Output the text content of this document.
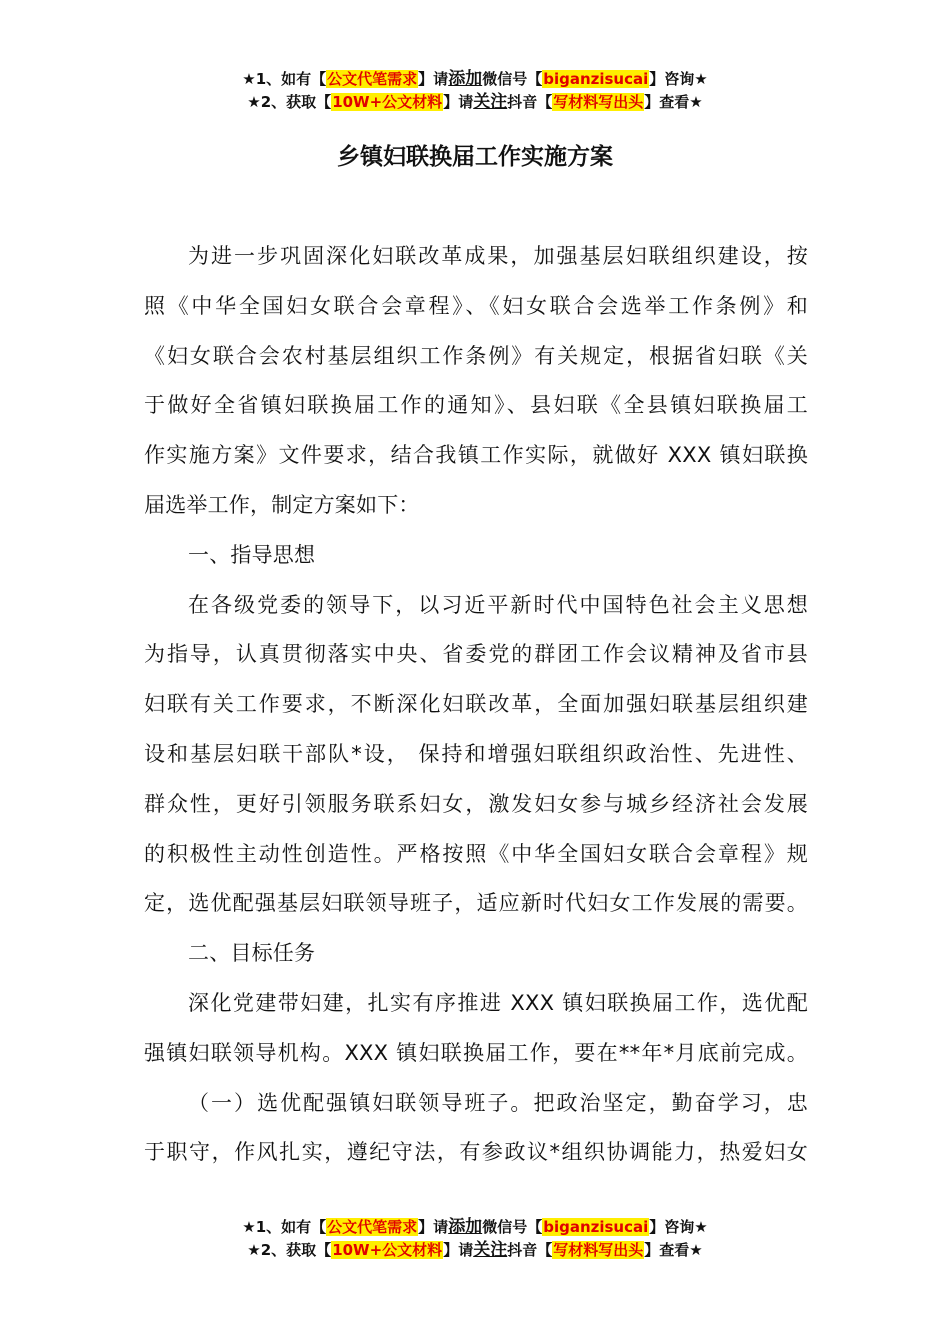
★1、如有【公文代笔需求】请添加微信号【biganzisucai】咨询★
★2、获取【10W+公文材料】请关注抖音【写材料写出头】查看★
乡镇妇联换届工作实施方案
为进一步巩固深化妇联改革成果，加强基层妇联组织建设，按
照《中华全国妇女联合会章程》、《妇女联合会选举工作条例》和
《妇女联合会农村基层组织工作条例》有关规定，根据省妇联《关
于做好全省镇妇联换届工作的通知》、县妇联《全县镇妇联换届工
作实施方案》文件要求，结合我镇工作实际，就做好 XXX 镇妇联换
届选举工作，制定方案如下：
一、指导思想
在各级党委的领导下，以习近平新时代中国特色社会主义思想
为指导，认真贯彻落实中央、省委党的群团工作会议精神及省市县
妇联有关工作要求，不断深化妇联改革，全面加强妇联基层组织建
设和基层妇联干部队*设， 保持和增强妇联组织政治性、先进性、
群众性，更好引领服务联系妇女，激发妇女参与城乡经济社会发展
的积极性主动性创造性。严格按照《中华全国妇女联合会章程》规
定，选优配强基层妇联领导班子，适应新时代妇女工作发展的需要。
二、目标任务
深化党建带妇建，扎实有序推进 XXX 镇妇联换届工作，选优配
强镇妇联领导机构。XXX 镇妇联换届工作，要在**年*月底前完成。
（一）选优配强镇妇联领导班子。把政治坚定，勤奋学习，忠
于职守，作风扎实，遵纪守法，有参政议*组织协调能力，热爱妇女
★1、如有【公文代笔需求】请添加微信号【biganzisucai】咨询★
★2、获取【10W+公文材料】请关注抖音【写材料写出头】查看★
